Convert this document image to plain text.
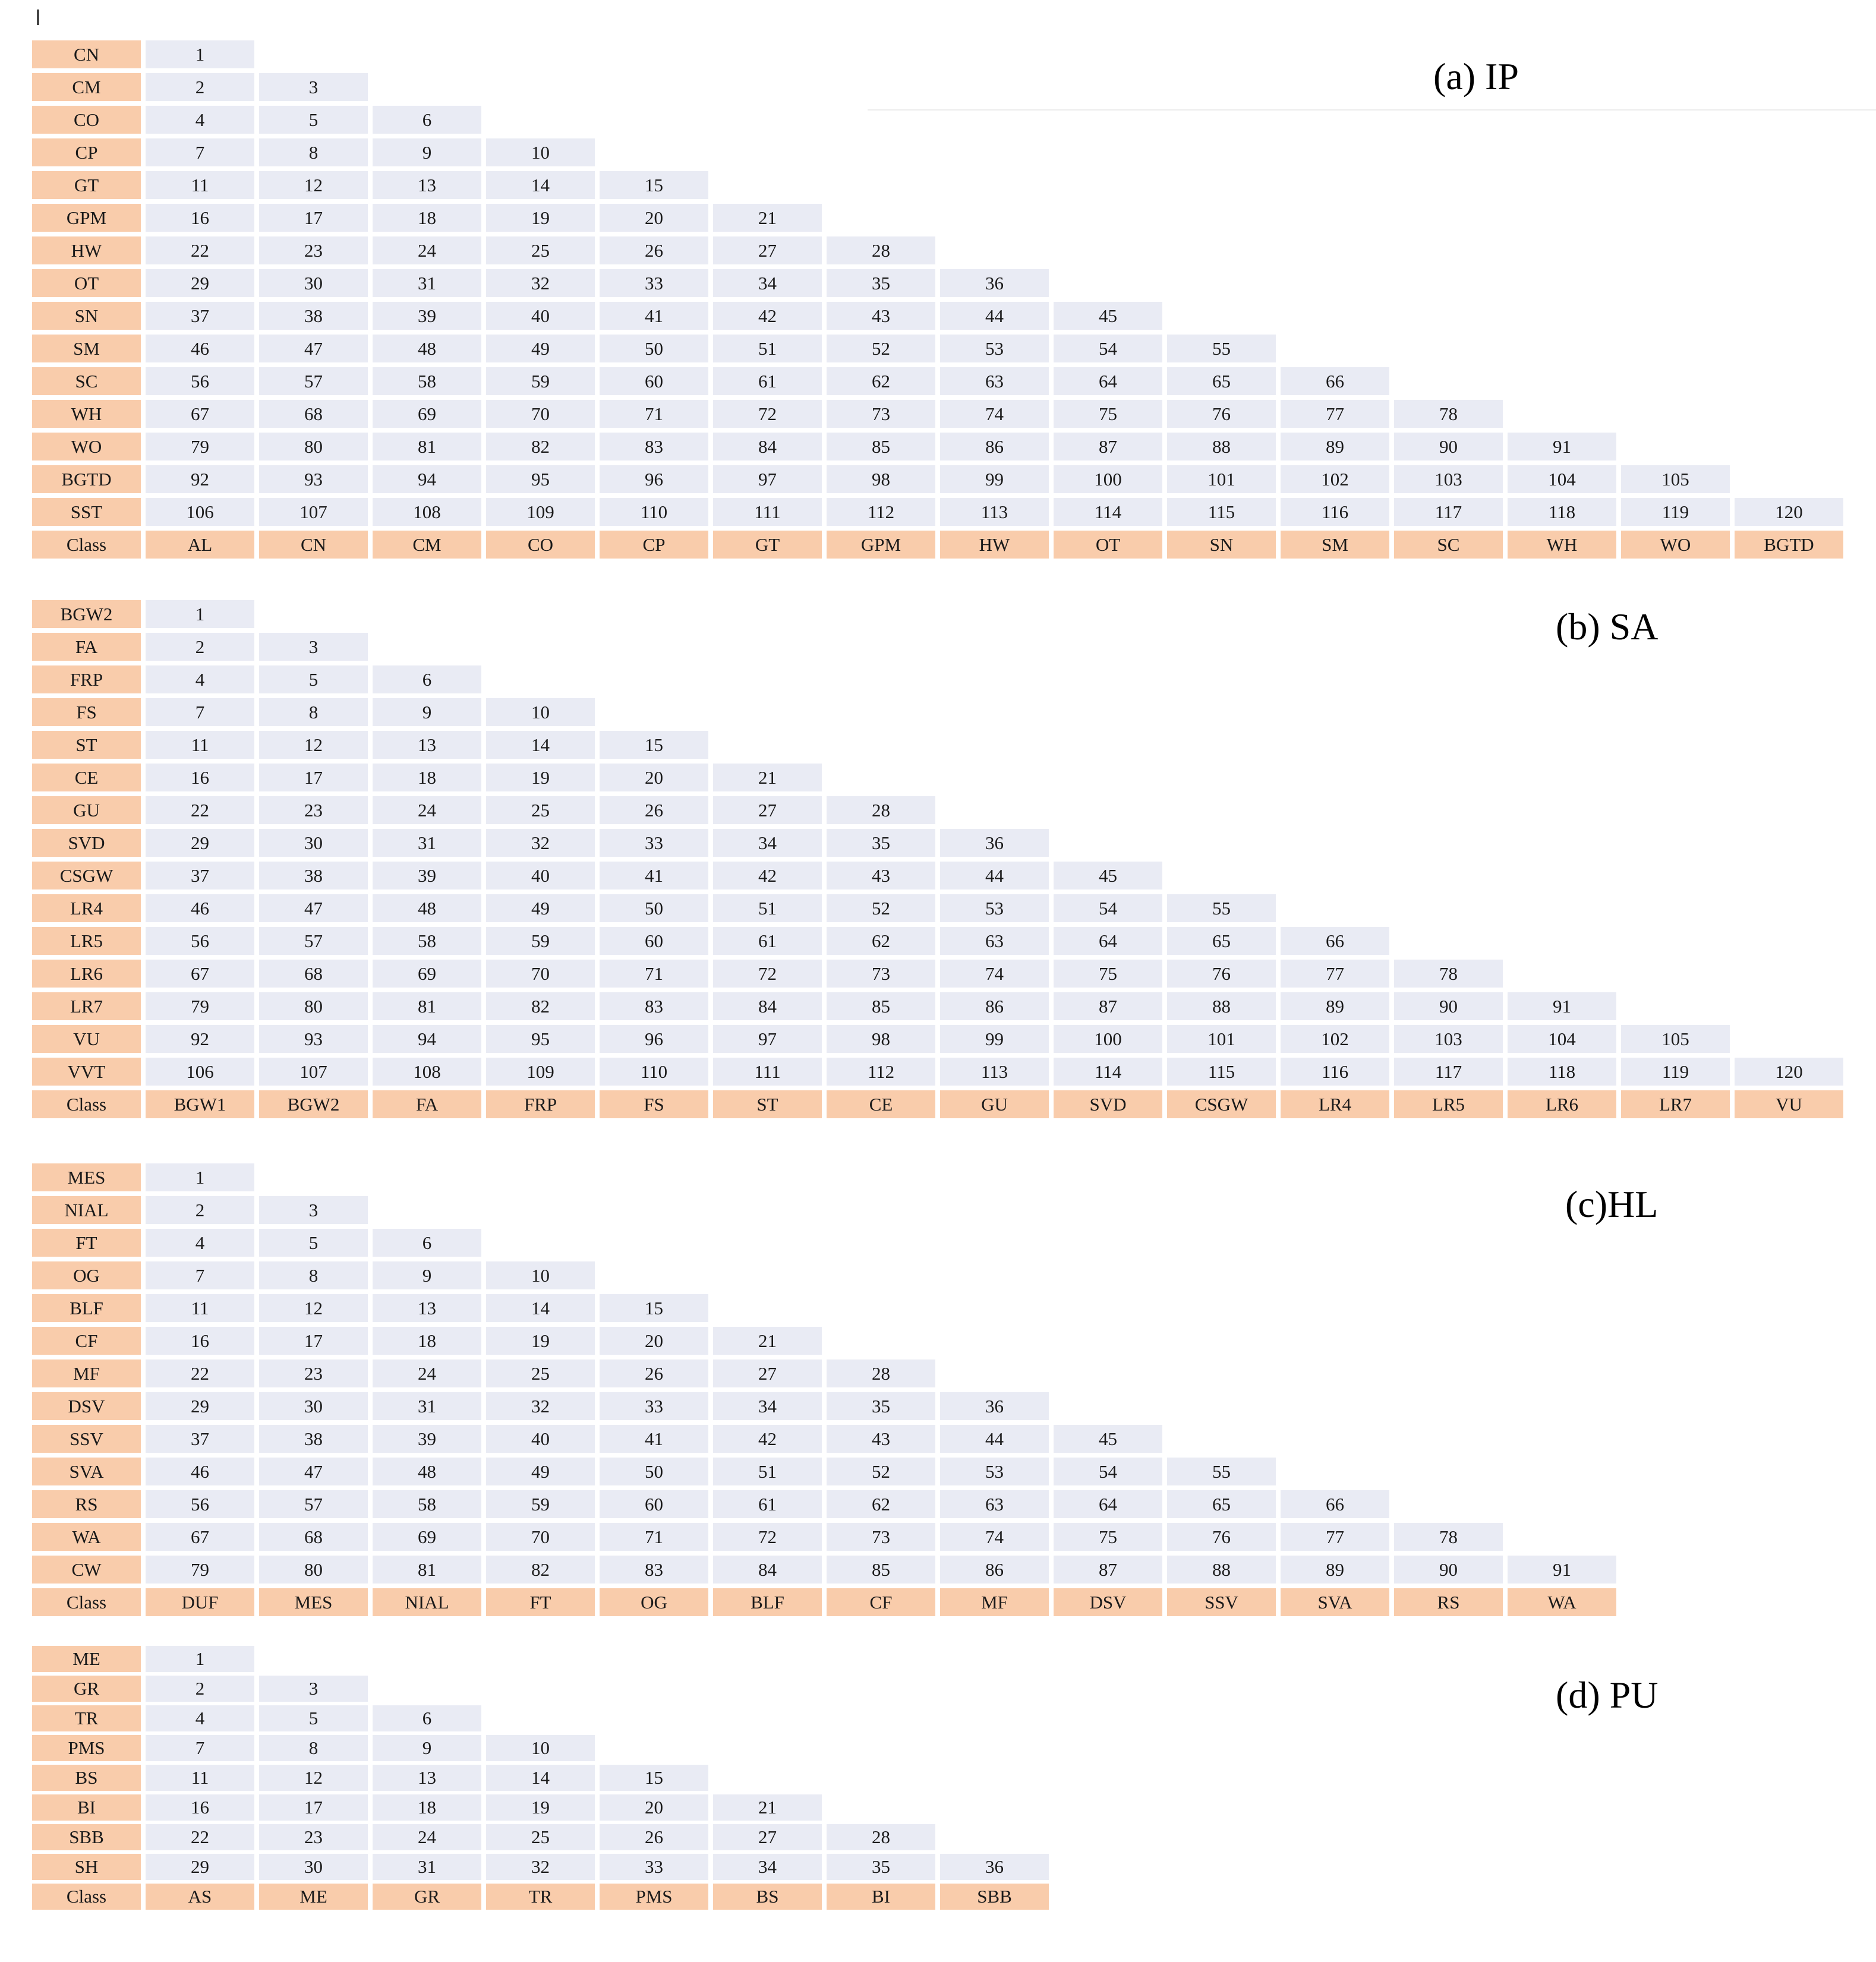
(a) IP
CN	1
CM	2	3
CO	4	5	6
CP	7	8	9	10
GT	11	12	13	14	15
GPM	16	17	18	19	20	21
HW	22	23	24	25	26	27	28
OT	29	30	31	32	33	34	35	36
SN	37	38	39	40	41	42	43	44	45
SM	46	47	48	49	50	51	52	53	54	55
SC	56	57	58	59	60	61	62	63	64	65	66
WH	67	68	69	70	71	72	73	74	75	76	77	78
WO	79	80	81	82	83	84	85	86	87	88	89	90	91
BGTD	92	93	94	95	96	97	98	99	100	101	102	103	104	105
SST	106	107	108	109	110	111	112	113	114	115	116	117	118	119	120
Class	AL	CN	CM	CO	CP	GT	GPM	HW	OT	SN	SM	SC	WH	WO	BGTD
(b) SA
BGW2	1
FA	2	3
FRP	4	5	6
FS	7	8	9	10
ST	11	12	13	14	15
CE	16	17	18	19	20	21
GU	22	23	24	25	26	27	28
SVD	29	30	31	32	33	34	35	36
CSGW	37	38	39	40	41	42	43	44	45
LR4	46	47	48	49	50	51	52	53	54	55
LR5	56	57	58	59	60	61	62	63	64	65	66
LR6	67	68	69	70	71	72	73	74	75	76	77	78
LR7	79	80	81	82	83	84	85	86	87	88	89	90	91
VU	92	93	94	95	96	97	98	99	100	101	102	103	104	105
VVT	106	107	108	109	110	111	112	113	114	115	116	117	118	119	120
Class	BGW1	BGW2	FA	FRP	FS	ST	CE	GU	SVD	CSGW	LR4	LR5	LR6	LR7	VU
(c)HL
MES	1
NIAL	2	3
FT	4	5	6
OG	7	8	9	10
BLF	11	12	13	14	15
CF	16	17	18	19	20	21
MF	22	23	24	25	26	27	28
DSV	29	30	31	32	33	34	35	36
SSV	37	38	39	40	41	42	43	44	45
SVA	46	47	48	49	50	51	52	53	54	55
RS	56	57	58	59	60	61	62	63	64	65	66
WA	67	68	69	70	71	72	73	74	75	76	77	78
CW	79	80	81	82	83	84	85	86	87	88	89	90	91
Class	DUF	MES	NIAL	FT	OG	BLF	CF	MF	DSV	SSV	SVA	RS	WA
(d) PU
ME	1
GR	2	3
TR	4	5	6
PMS	7	8	9	10
BS	11	12	13	14	15
BI	16	17	18	19	20	21
SBB	22	23	24	25	26	27	28
SH	29	30	31	32	33	34	35	36
Class	AS	ME	GR	TR	PMS	BS	BI	SBB
